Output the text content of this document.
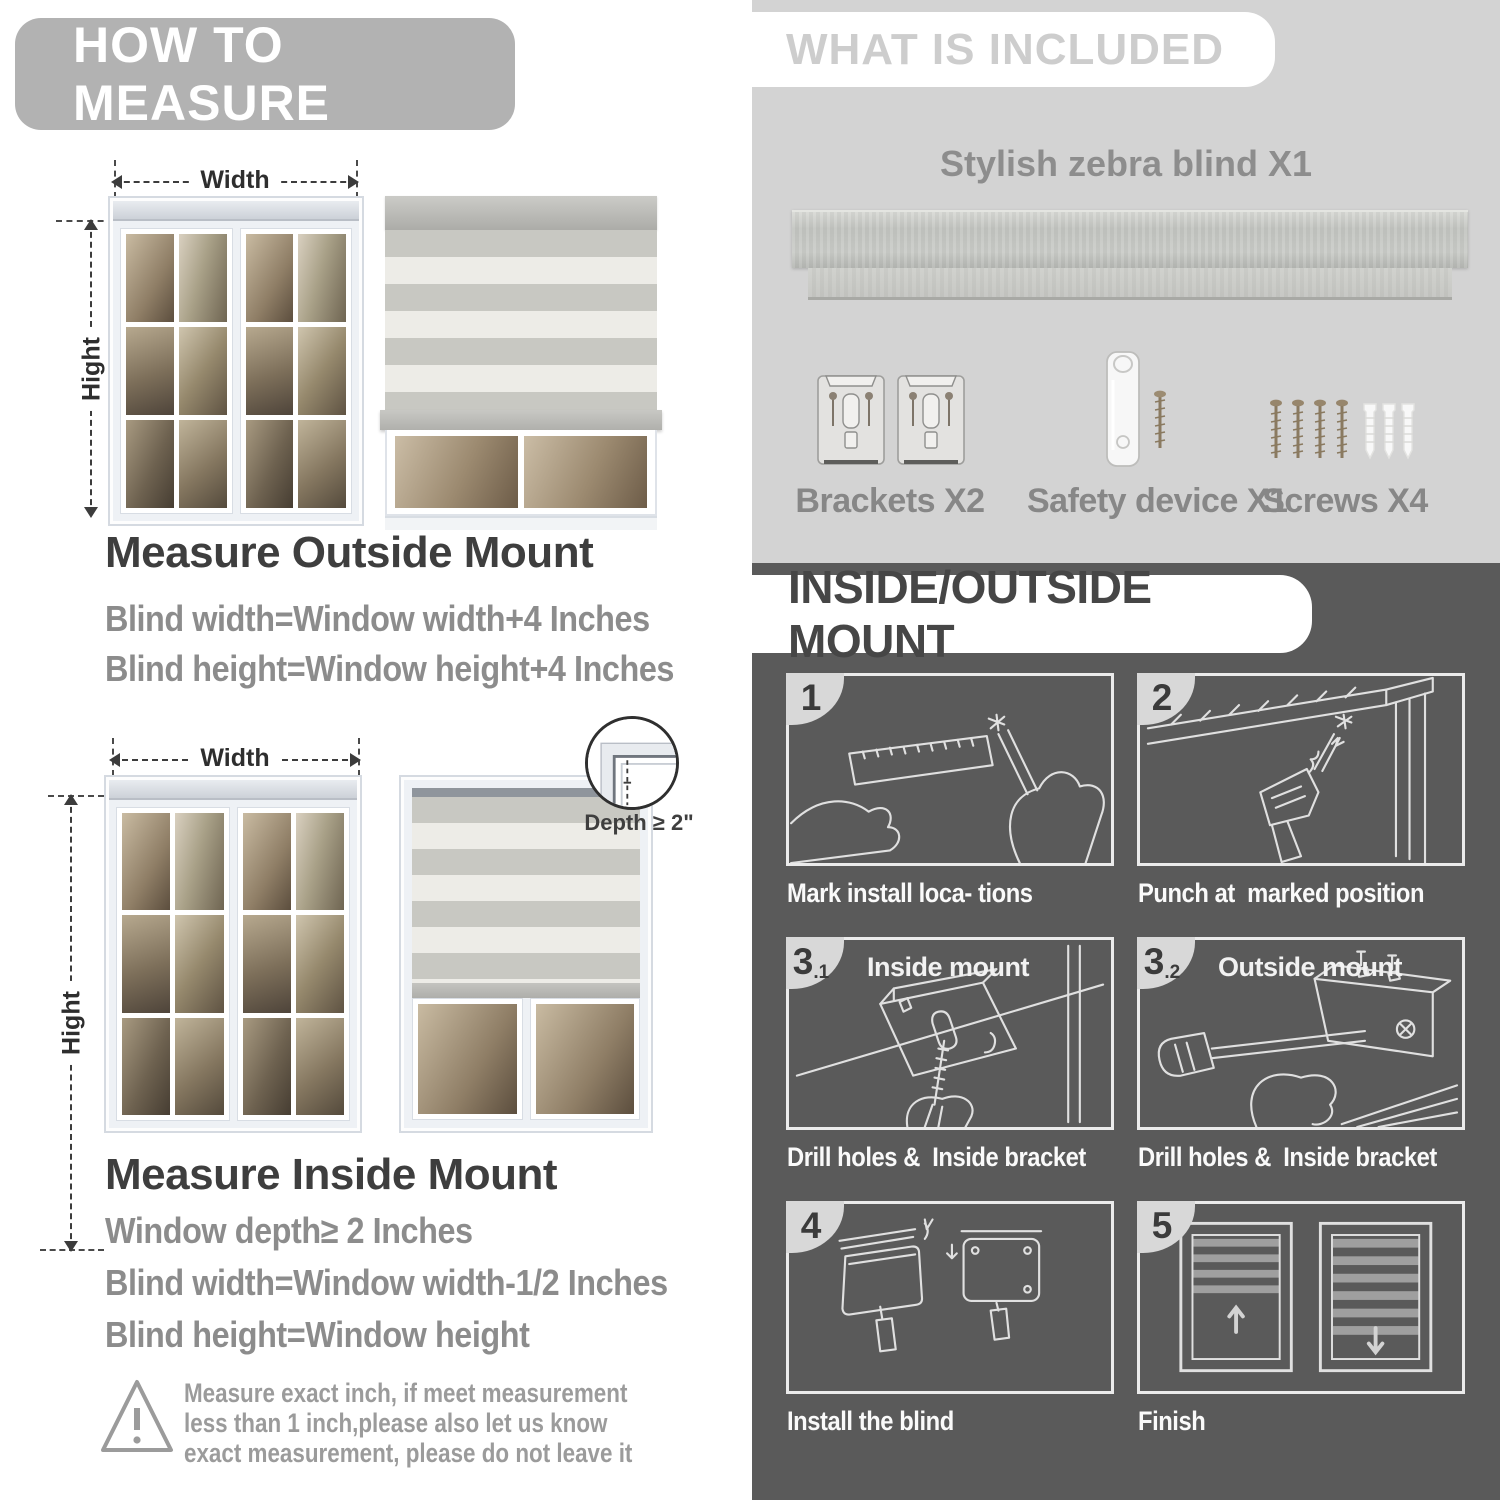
HOW TO MEASURE
Width
Hight
Measure Outside Mount
Blind width=Window width+4 Inches
Blind height=Window height+4 Inches
Width
Hight
Depth ≥ 2"
Measure Inside Mount
Window depth≥ 2 Inches
Blind width=Window width-1/2 Inches
Blind height=Window height
Measure exact inch, if meet measurement less than 1 inch,please also let us know exact measurement, please do not leave it
WHAT IS INCLUDED
Stylish zebra blind X1
Brackets X2 Safety device X1
Screws X4
INSIDE/OUTSIDE MOUNT
1
Mark install loca- tions
2
Punch at  marked position
3 .1 Inside mount
Drill holes &  Inside bracket
3 .2 Outside mount
Drill holes &  Inside bracket
4
Install the blind
5
Finish
